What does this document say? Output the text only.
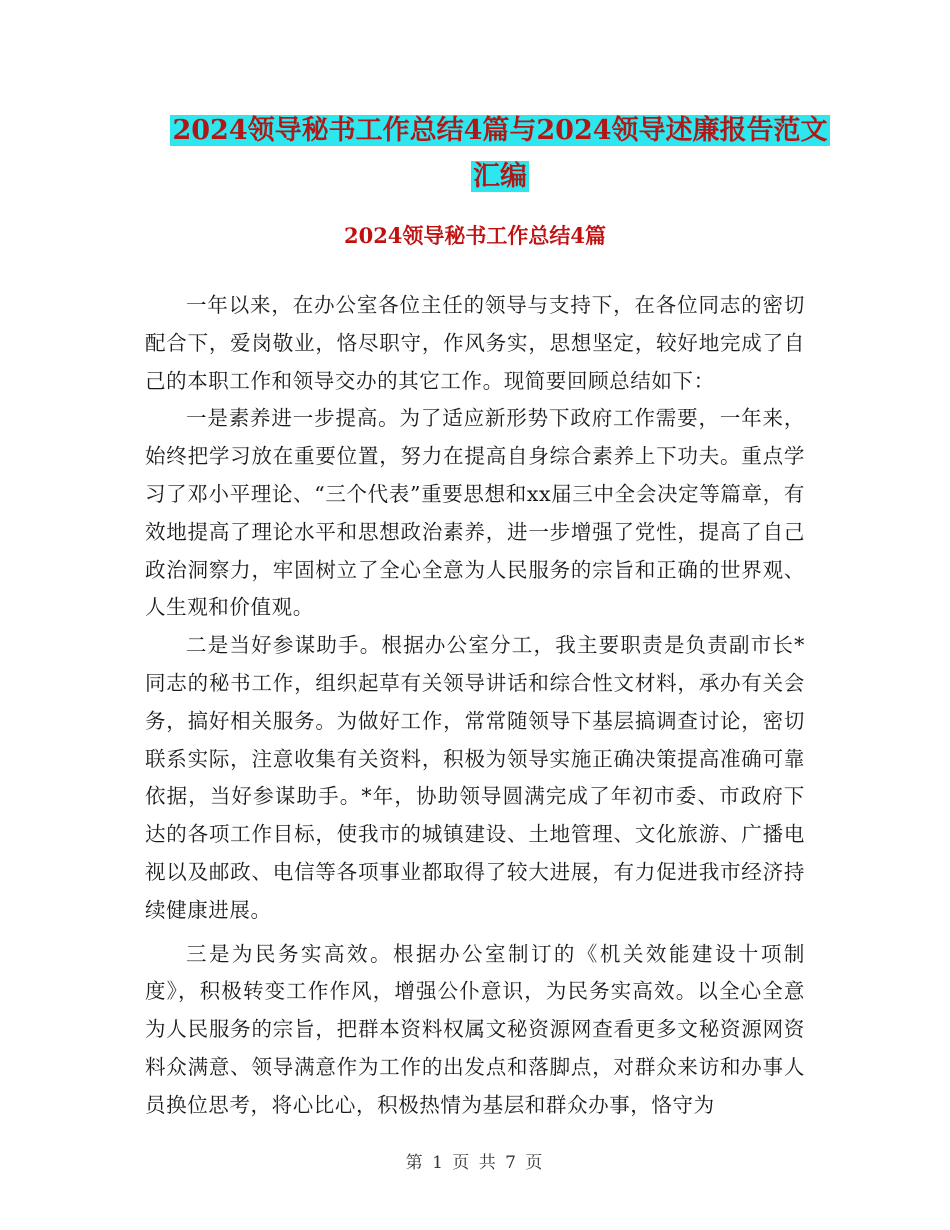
2024领导秘书工作总结4篇与2024领导述廉报告范文
汇编
2024领导秘书工作总结4篇

一年以来，在办公室各位主任的领导与支持下，在各位同志的密切配合下，爱岗敬业，恪尽职守，作风务实，思想坚定，较好地完成了自己的本职工作和领导交办的其它工作。现简要回顾总结如下：

一是素养进一步提高。为了适应新形势下政府工作需要，一年来，始终把学习放在重要位置，努力在提高自身综合素养上下功夫。重点学习了邓小平理论、“三个代表”重要思想和xx届三中全会决定等篇章，有效地提高了理论水平和思想政治素养，进一步增强了党性，提高了自己政治洞察力，牢固树立了全心全意为人民服务的宗旨和正确的世界观、人生观和价值观。

二是当好参谋助手。根据办公室分工，我主要职责是负责副市长*同志的秘书工作，组织起草有关领导讲话和综合性文材料，承办有关会务，搞好相关服务。为做好工作，常常随领导下基层搞调查讨论，密切联系实际，注意收集有关资料，积极为领导实施正确决策提高准确可靠依据，当好参谋助手。*年，协助领导圆满完成了年初市委、市政府下达的各项工作目标，使我市的城镇建设、土地管理、文化旅游、广播电视以及邮政、电信等各项事业都取得了较大进展，有力促进我市经济持续健康进展。

三是为民务实高效。根据办公室制订的《机关效能建设十项制度》，积极转变工作作风，增强公仆意识，为民务实高效。以全心全意为人民服务的宗旨，把群本资料权属文秘资源网查看更多文秘资源网资料众满意、领导满意作为工作的出发点和落脚点，对群众来访和办事人员换位思考，将心比心，积极热情为基层和群众办事，恪守为

第 1 页 共 7 页
